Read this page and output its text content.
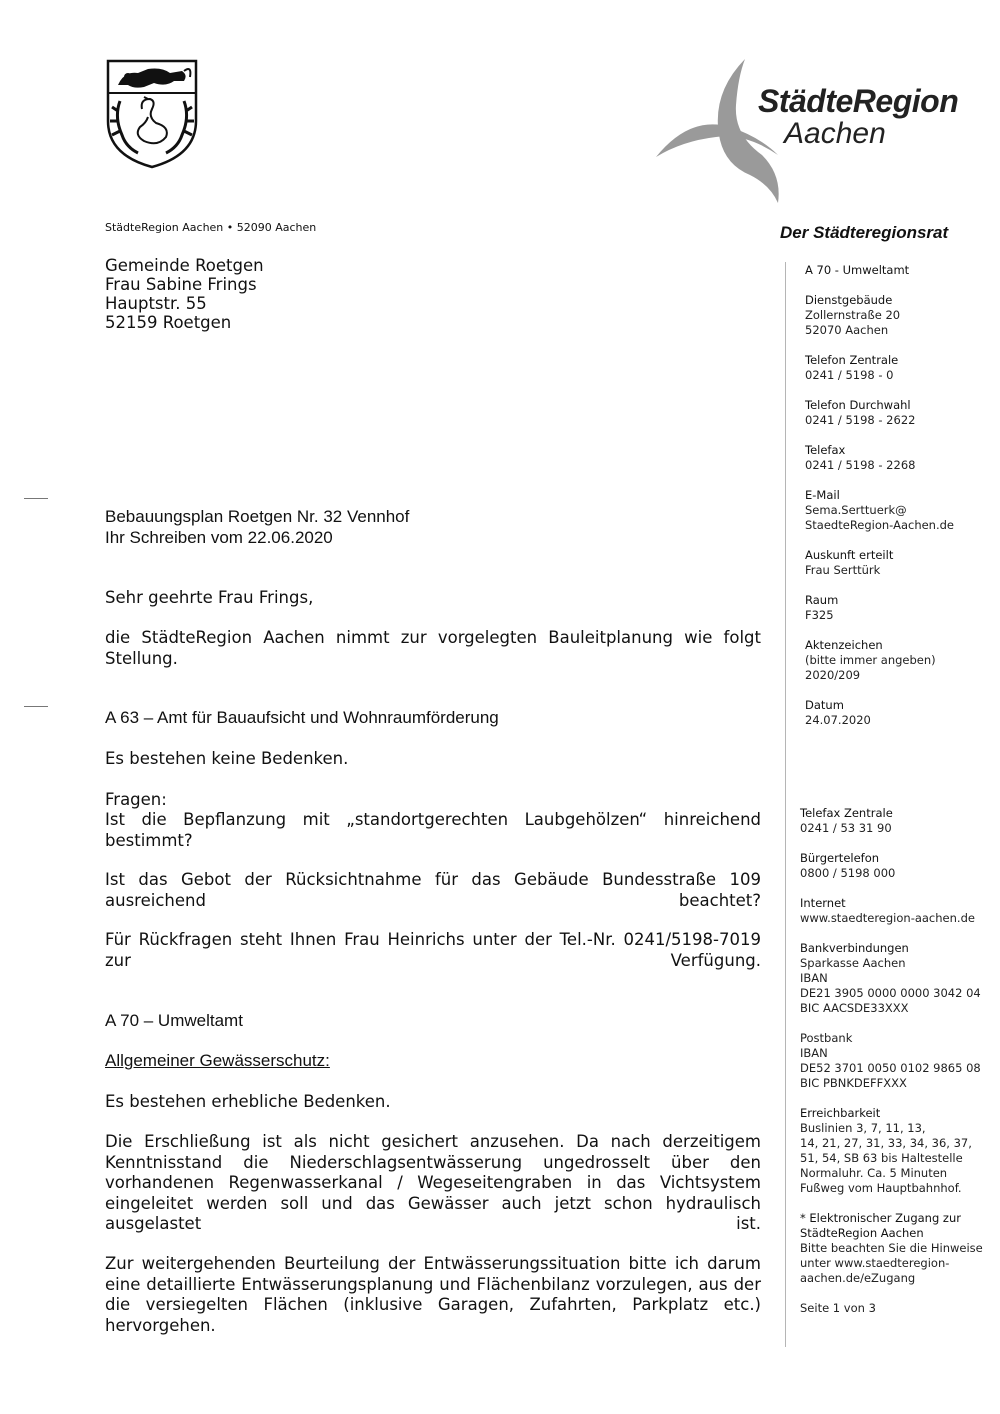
StädteRegion
Aachen
Der Städteregionsrat
StädteRegion Aachen • 52090 Aachen
Gemeinde Roetgen
Frau Sabine Frings
Hauptstr. 55
52159 Roetgen
Bebauungsplan Roetgen Nr. 32 Vennhof
Ihr Schreiben vom 22.06.2020
Sehr geehrte Frau Frings,
die StädteRegion Aachen nimmt zur vorgelegten Bauleitplanung wie folgt Stellung.
A 63 – Amt für Bauaufsicht und Wohnraumförderung
Es bestehen keine Bedenken.
Fragen:
Ist die Bepflanzung mit „standortgerechten Laubgehölzen“ hinreichend bestimmt?
Ist das Gebot der Rücksichtnahme für das Gebäude Bundesstraße 109 ausreichend beachtet?
Für Rückfragen steht Ihnen Frau Heinrichs unter der Tel.-Nr. 0241/5198-7019 zur Verfügung.
A 70 – Umweltamt
Allgemeiner Gewässerschutz:
Es bestehen erhebliche Bedenken.
Die Erschließung ist als nicht gesichert anzusehen. Da nach derzeitigem Kenntnisstand die Niederschlagsentwässerung ungedrosselt über den vorhandenen Regenwasserkanal / Wegeseitengraben in das Vichtsystem eingeleitet werden soll und das Gewässer auch jetzt schon hydraulisch ausgelastet ist.
Zur weitergehenden Beurteilung der Entwässerungssituation bitte ich darum eine detaillierte Entwässerungsplanung und Flächenbilanz vorzulegen, aus der die versiegelten Flächen (inklusive Garagen, Zufahrten, Parkplatz etc.) hervorgehen.
A 70 - Umweltamt
Dienstgebäude
Zollernstraße 20
52070 Aachen
Telefon Zentrale
0241 / 5198 - 0
Telefon Durchwahl
0241 / 5198 - 2622
Telefax
0241 / 5198 - 2268
E-Mail
Sema.Serttuerk@
StaedteRegion-Aachen.de
Auskunft erteilt
Frau Serttürk
Raum
F325
Aktenzeichen
(bitte immer angeben)
2020/209
Datum
24.07.2020
Telefax Zentrale
0241 / 53 31 90
Bürgertelefon
0800 / 5198 000
Internet
www.staedteregion-aachen.de
Bankverbindungen
Sparkasse Aachen
IBAN
DE21 3905 0000 0000 3042 04
BIC AACSDE33XXX
Postbank
IBAN
DE52 3701 0050 0102 9865 08
BIC PBNKDEFFXXX
Erreichbarkeit
Buslinien 3, 7, 11, 13,
14, 21, 27, 31, 33, 34, 36, 37,
51, 54, SB 63 bis Haltestelle
Normaluhr. Ca. 5 Minuten
Fußweg vom Hauptbahnhof.
* Elektronischer Zugang zur
StädteRegion Aachen
Bitte beachten Sie die Hinweise
unter www.staedteregion-
aachen.de/eZugang
Seite 1 von 3
